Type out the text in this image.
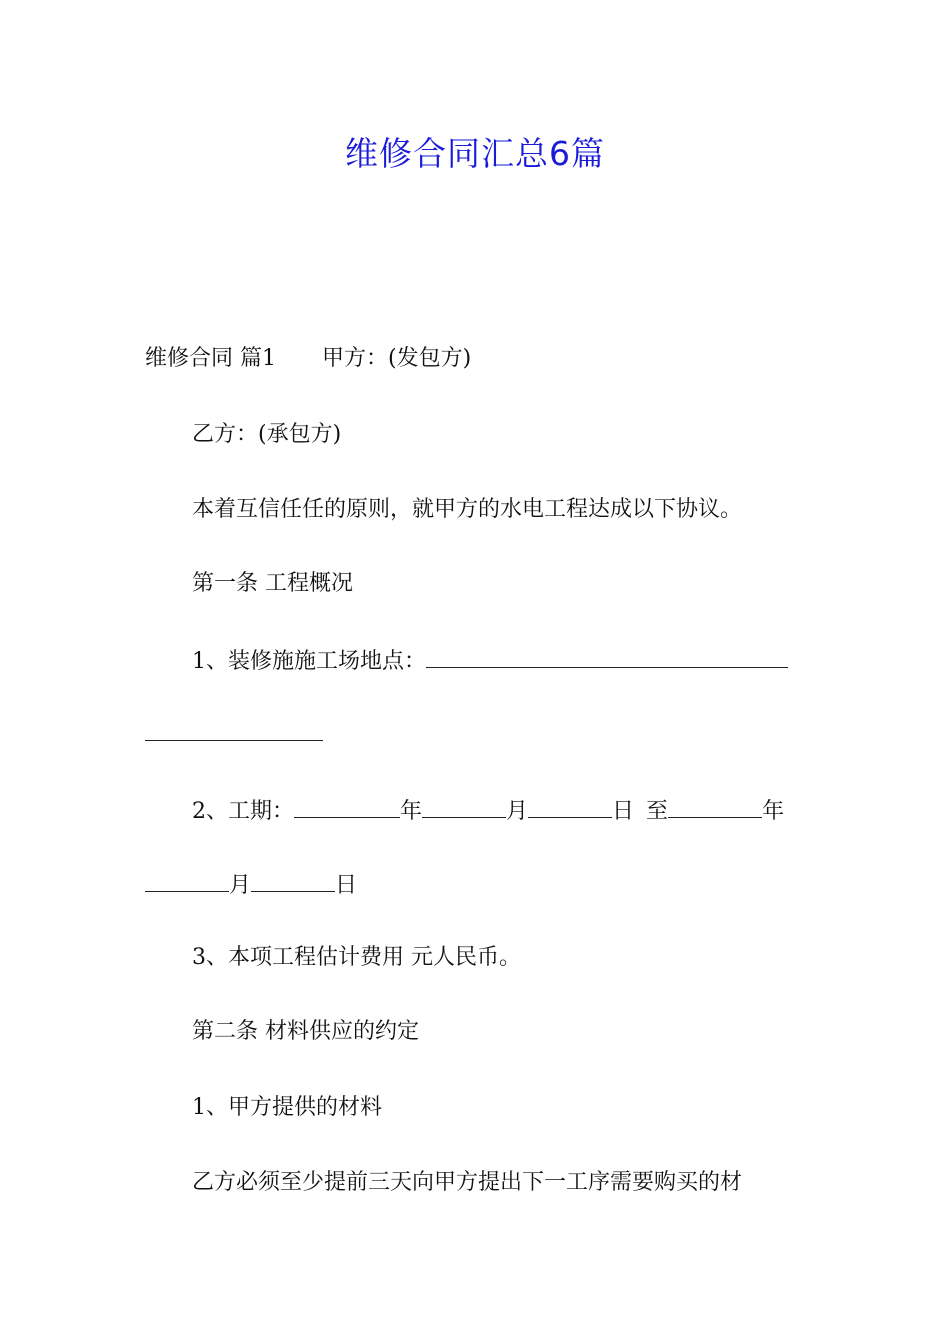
维修合同汇总6篇
维修合同 篇1 甲方：(发包方)
乙方：(承包方)
本着互信任任的原则，就甲方的水电工程达成以下协议。
第一条 工程概况
1、装修施施工场地点：
2、工期：	年	月	日 至	年
月	日
3、本项工程估计费用 元人民币。
第二条 材料供应的约定
1、甲方提供的材料
乙方必须至少提前三天向甲方提出下一工序需要购买的材
